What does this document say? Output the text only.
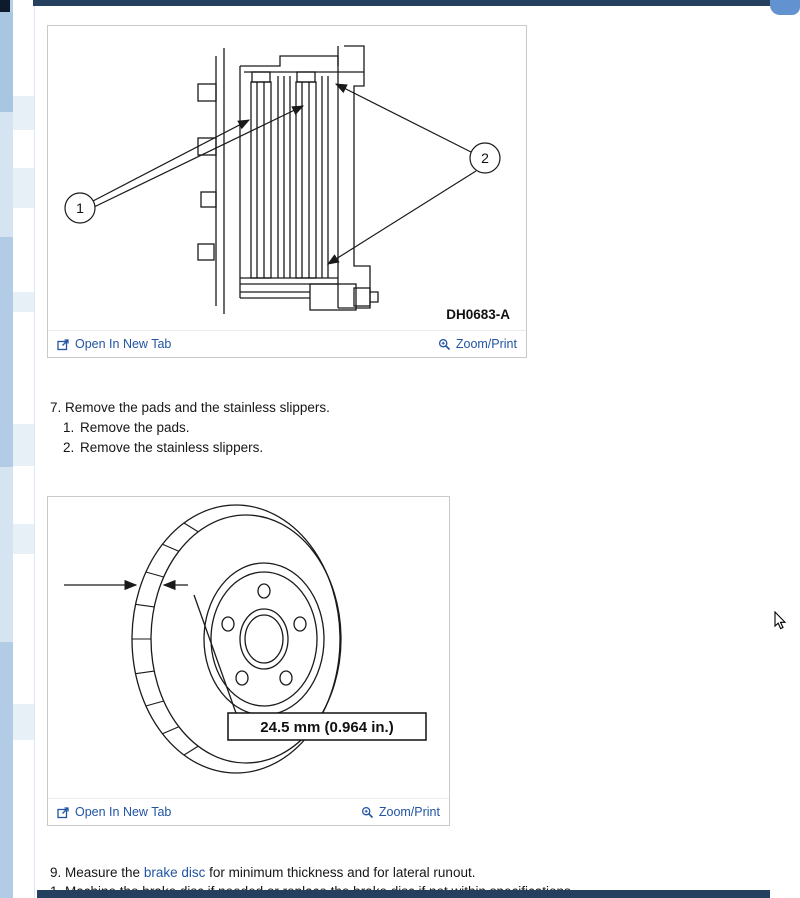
1
2
DH0683-A
Open In New Tab	Zoom/Print
7. Remove the pads and the stainless slippers.
1. Remove the pads.
2. Remove the stainless slippers.
24.5 mm (0.964 in.)
Open In New Tab	Zoom/Print
9. Measure the brake disc for minimum thickness and for lateral runout.
